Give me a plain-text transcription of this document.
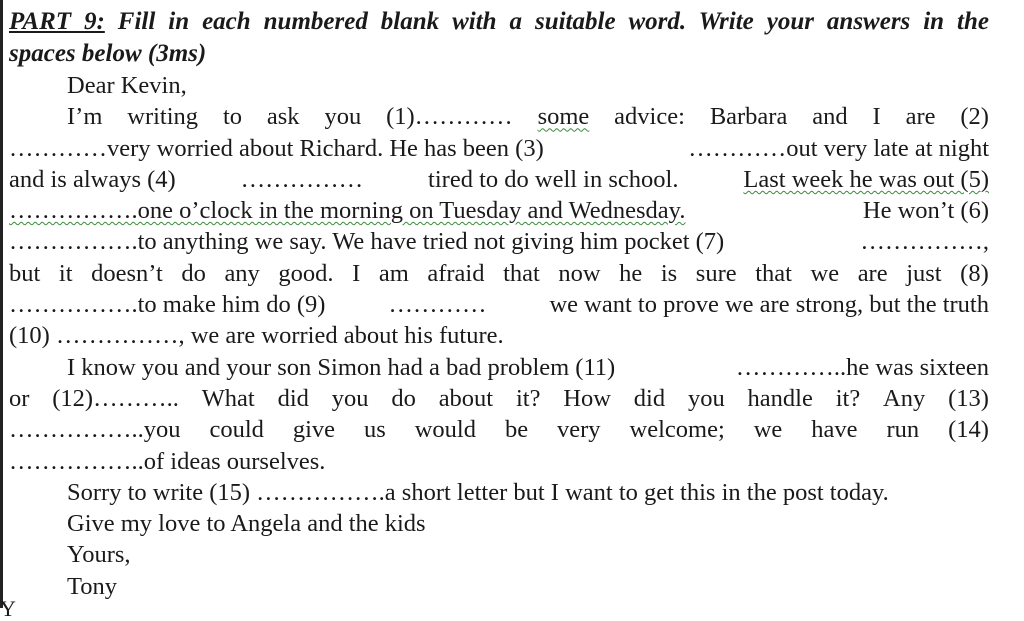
PART 9: Fill in each numbered blank with a suitable word. Write your answers in the
spaces below (3ms)
Dear Kevin,
I’m writing to ask you (1)………… some advice: Barbara and I are (2)
…………very worried about Richard. He has been (3)	…………out very late at night
and is always (4)	……………	tired to do well in school.	Last week he was out (5)
…………….one o’clock in the morning on Tuesday and Wednesday.	He won’t (6)
…………….to anything we say. We have tried not giving him pocket (7)	……………,
but it doesn’t do any good. I am afraid that now he is sure that we are just (8)
…………….to make him do (9)	…………	we want to prove we are strong, but the truth
(10) ……………, we are worried about his future.
I know you and your son Simon had a bad problem (11)	…………..he was sixteen
or (12)……….. What did you do about it? How did you handle it? Any (13)
……………..you could give us would be very welcome; we have run (14)
……………..of ideas ourselves.
Sorry to write (15) …………….a short letter but I want to get this in the post today.
Give my love to Angela and the kids
Yours,
Tony
Y
